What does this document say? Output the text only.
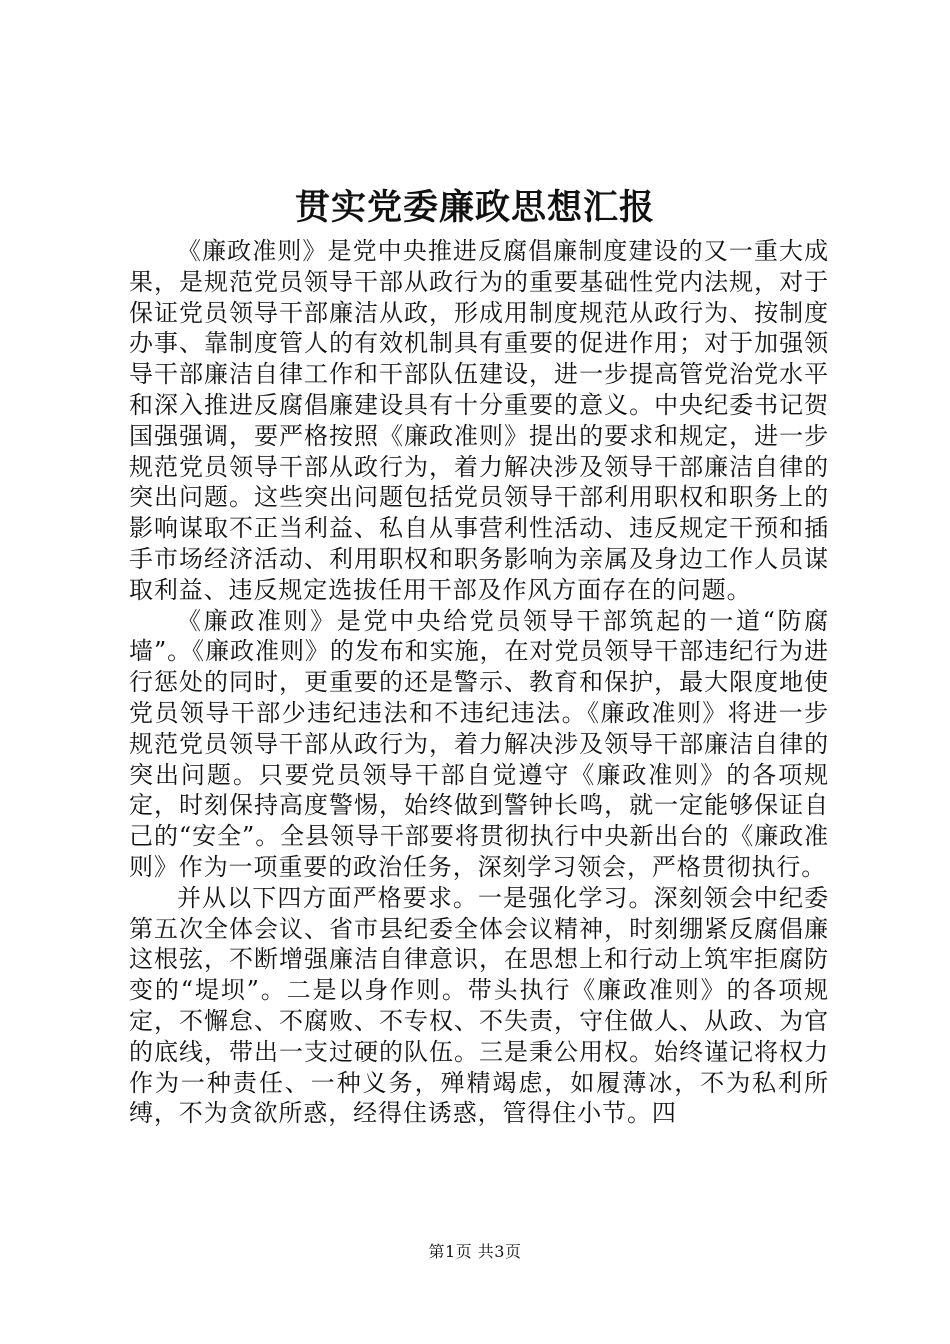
贯实党委廉政思想汇报

《廉政准则》是党中央推进反腐倡廉制度建设的又一重大成果，是规范党员领导干部从政行为的重要基础性党内法规，对于保证党员领导干部廉洁从政，形成用制度规范从政行为、按制度办事、靠制度管人的有效机制具有重要的促进作用；对于加强领导干部廉洁自律工作和干部队伍建设，进一步提高管党治党水平和深入推进反腐倡廉建设具有十分重要的意义。中央纪委书记贺国强强调，要严格按照《廉政准则》提出的要求和规定，进一步规范党员领导干部从政行为，着力解决涉及领导干部廉洁自律的突出问题。这些突出问题包括党员领导干部利用职权和职务上的影响谋取不正当利益、私自从事营利性活动、违反规定干预和插手市场经济活动、利用职权和职务影响为亲属及身边工作人员谋取利益、违反规定选拔任用干部及作风方面存在的问题。

《廉政准则》是党中央给党员领导干部筑起的一道“防腐墙”。《廉政准则》的发布和实施，在对党员领导干部违纪行为进行惩处的同时，更重要的还是警示、教育和保护，最大限度地使党员领导干部少违纪违法和不违纪违法。《廉政准则》将进一步规范党员领导干部从政行为，着力解决涉及领导干部廉洁自律的突出问题。只要党员领导干部自觉遵守《廉政准则》的各项规定，时刻保持高度警惕，始终做到警钟长鸣，就一定能够保证自己的“安全”。全县领导干部要将贯彻执行中央新出台的《廉政准则》作为一项重要的政治任务，深刻学习领会，严格贯彻执行。

并从以下四方面严格要求。一是强化学习。深刻领会中纪委第五次全体会议、省市县纪委全体会议精神，时刻绷紧反腐倡廉这根弦，不断增强廉洁自律意识，在思想上和行动上筑牢拒腐防变的“堤坝”。二是以身作则。带头执行《廉政准则》的各项规定，不懈怠、不腐败、不专权、不失责，守住做人、从政、为官的底线，带出一支过硬的队伍。三是秉公用权。始终谨记将权力作为一种责任、一种义务，殚精竭虑，如履薄冰，不为私利所缚，不为贪欲所惑，经得住诱惑，管得住小节。四

第1页 共3页
